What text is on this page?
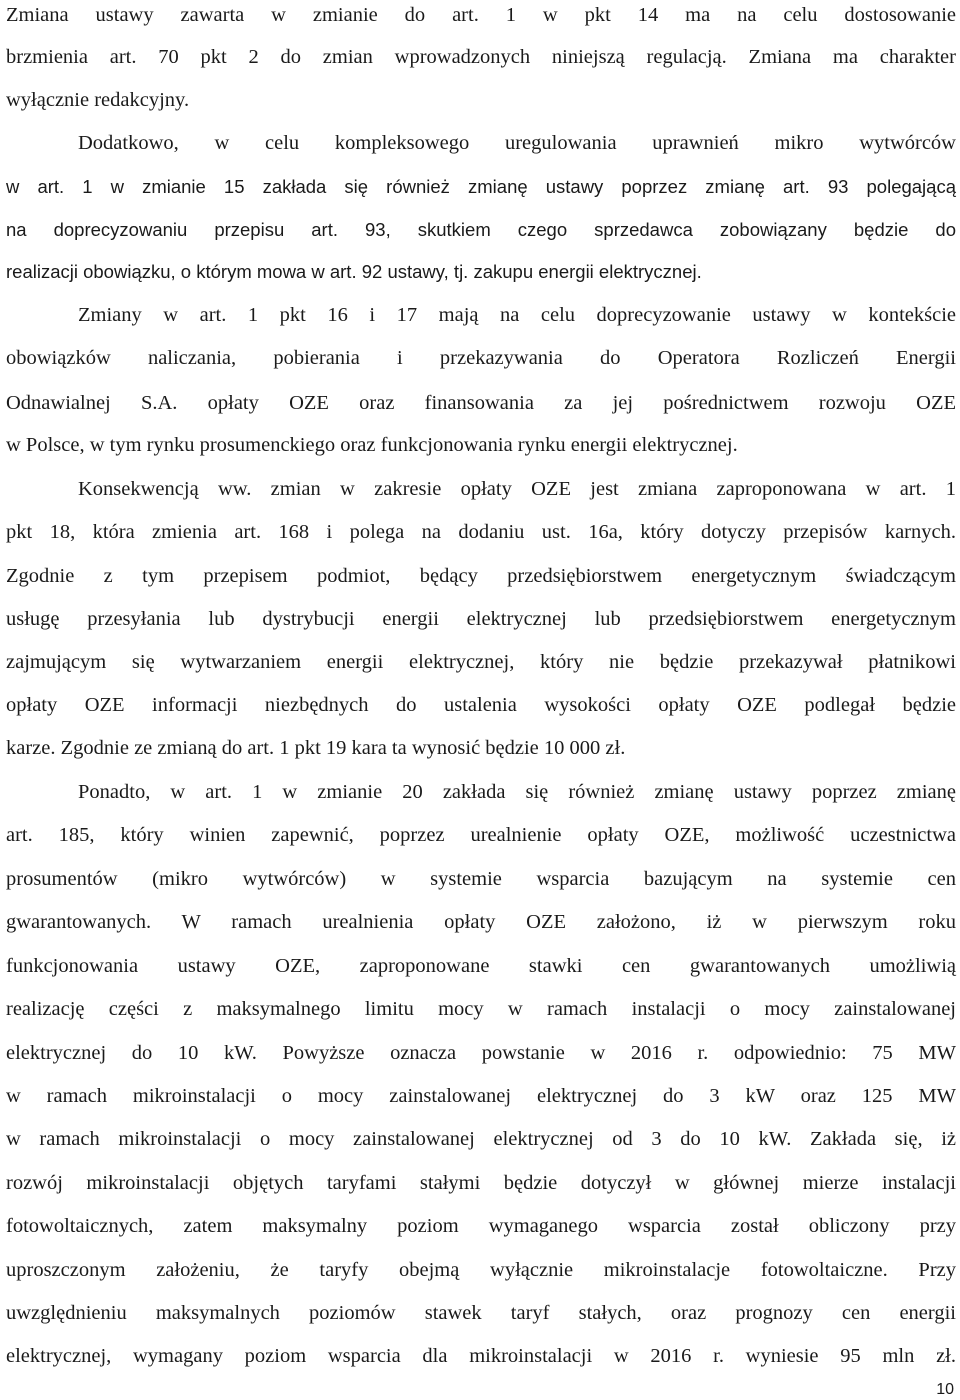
Zmiana ustawy zawarta w zmianie do art. 1 w pkt 14 ma na celu dostosowanie
brzmienia art. 70 pkt 2 do zmian wprowadzonych niniejszą regulacją. Zmiana ma charakter
wyłącznie redakcyjny.
Dodatkowo, w celu kompleksowego uregulowania uprawnień mikro wytwórców
w art. 1 w zmianie 15 zakłada się również zmianę ustawy poprzez zmianę art. 93 polegającą
na doprecyzowaniu przepisu art. 93, skutkiem czego sprzedawca zobowiązany będzie do
realizacji obowiązku, o którym mowa w art. 92 ustawy, tj. zakupu energii elektrycznej.
Zmiany w art. 1 pkt 16 i 17 mają na celu doprecyzowanie ustawy w kontekście
obowiązków naliczania, pobierania i przekazywania do Operatora Rozliczeń Energii
Odnawialnej S.A. opłaty OZE oraz finansowania za jej pośrednictwem rozwoju OZE
w Polsce, w tym rynku prosumenckiego oraz funkcjonowania rynku energii elektrycznej.
Konsekwencją ww. zmian w zakresie opłaty OZE jest zmiana zaproponowana w art. 1
pkt 18, która zmienia art. 168 i polega na dodaniu ust. 16a, który dotyczy przepisów karnych.
Zgodnie z tym przepisem podmiot, będący przedsiębiorstwem energetycznym świadczącym
usługę przesyłania lub dystrybucji energii elektrycznej lub przedsiębiorstwem energetycznym
zajmującym się wytwarzaniem energii elektrycznej, który nie będzie przekazywał płatnikowi
opłaty OZE informacji niezbędnych do ustalenia wysokości opłaty OZE podlegał będzie
karze. Zgodnie ze zmianą do art. 1 pkt 19 kara ta wynosić będzie 10 000 zł.
Ponadto, w art. 1 w zmianie 20 zakłada się również zmianę ustawy poprzez zmianę
art. 185, który winien zapewnić, poprzez urealnienie opłaty OZE, możliwość uczestnictwa
prosumentów (mikro wytwórców) w systemie wsparcia bazującym na systemie cen
gwarantowanych. W ramach urealnienia opłaty OZE założono, iż w pierwszym roku
funkcjonowania ustawy OZE, zaproponowane stawki cen gwarantowanych umożliwią
realizację części z maksymalnego limitu mocy w ramach instalacji o mocy zainstalowanej
elektrycznej do 10 kW. Powyższe oznacza powstanie w 2016 r. odpowiednio: 75 MW
w ramach mikroinstalacji o mocy zainstalowanej elektrycznej do 3 kW oraz 125 MW
w ramach mikroinstalacji o mocy zainstalowanej elektrycznej od 3 do 10 kW. Zakłada się, iż
rozwój mikroinstalacji objętych taryfami stałymi będzie dotyczył w głównej mierze instalacji
fotowoltaicznych, zatem maksymalny poziom wymaganego wsparcia został obliczony przy
uproszczonym założeniu, że taryfy obejmą wyłącznie mikroinstalacje fotowoltaiczne. Przy
uwzględnieniu maksymalnych poziomów stawek taryf stałych, oraz prognozy cen energii
elektrycznej, wymagany poziom wsparcia dla mikroinstalacji w 2016 r. wyniesie 95 mln zł.
10
